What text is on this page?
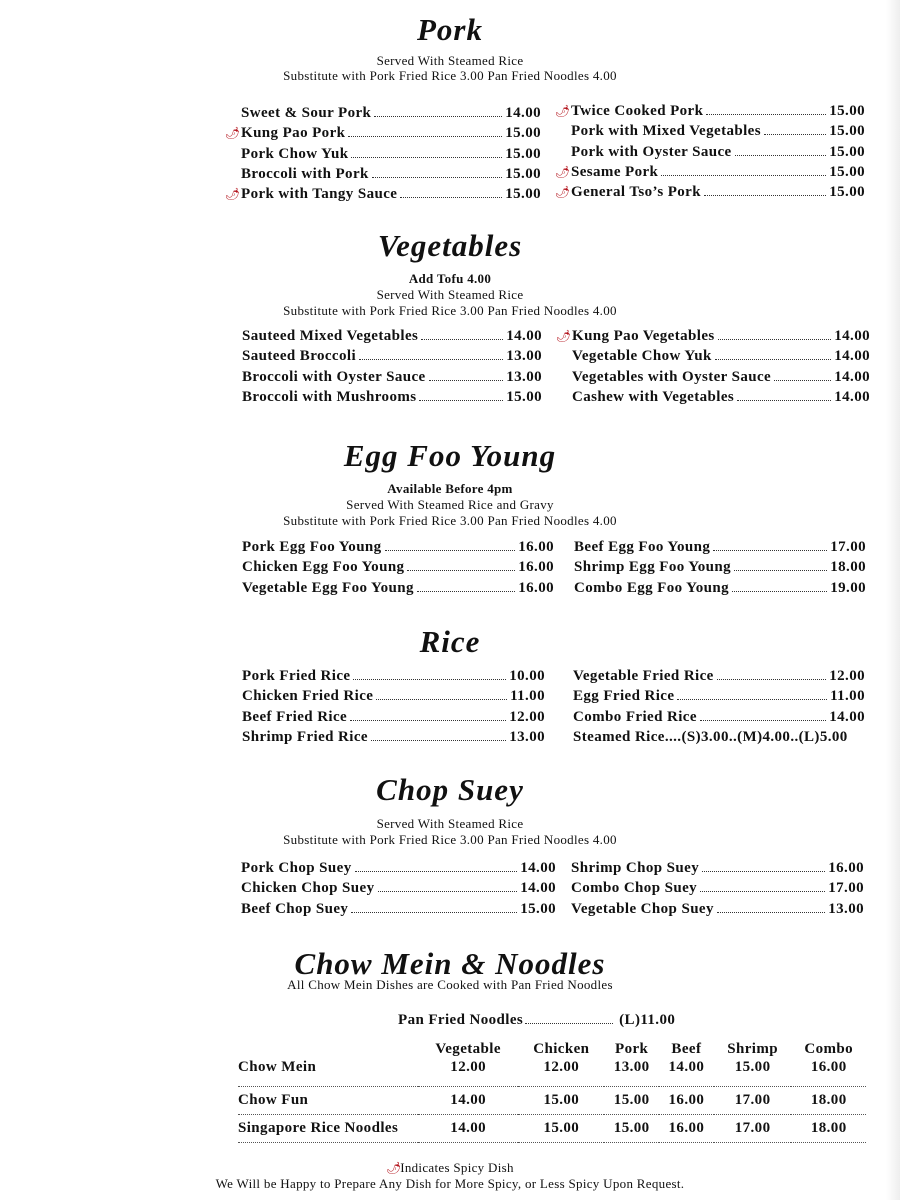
Pork
Served With Steamed Rice
Substitute with Pork Fried Rice 3.00 Pan Fried Noodles 4.00
Sweet & Sour Pork	14.00
🌶 Kung Pao Pork	15.00
Pork Chow Yuk	15.00
Broccoli with Pork	15.00
🌶 Pork with Tangy Sauce	15.00
🌶 Twice Cooked Pork	15.00
Pork with Mixed Vegetables	15.00
Pork with Oyster Sauce	15.00
🌶 Sesame Pork	15.00
🌶 General Tso’s Pork	15.00
Vegetables
Add Tofu 4.00
Served With Steamed Rice
Substitute with Pork Fried Rice 3.00 Pan Fried Noodles 4.00
Sauteed Mixed Vegetables	14.00
Sauteed Broccoli	13.00
Broccoli with Oyster Sauce	13.00
Broccoli with Mushrooms	15.00
🌶 Kung Pao Vegetables	14.00
Vegetable Chow Yuk	14.00
Vegetables with Oyster Sauce	14.00
Cashew with Vegetables	14.00
Egg Foo Young
Available Before 4pm
Served With Steamed Rice and Gravy
Substitute with Pork Fried Rice 3.00 Pan Fried Noodles 4.00
Pork Egg Foo Young	16.00
Chicken Egg Foo Young	16.00
Vegetable Egg Foo Young	16.00
Beef Egg Foo Young	17.00
Shrimp Egg Foo Young	18.00
Combo Egg Foo Young	19.00
Rice
Pork Fried Rice	10.00
Chicken Fried Rice	11.00
Beef Fried Rice	12.00
Shrimp Fried Rice	13.00
Vegetable Fried Rice	12.00
Egg Fried Rice	11.00
Combo Fried Rice	14.00
Steamed Rice....(S)3.00..(M)4.00..(L)5.00
Chop Suey
Served With Steamed Rice
Substitute with Pork Fried Rice 3.00 Pan Fried Noodles 4.00
Pork Chop Suey	14.00
Chicken Chop Suey	14.00
Beef Chop Suey	15.00
Shrimp Chop Suey	16.00
Combo Chop Suey	17.00
Vegetable Chop Suey	13.00
Chow Mein & Noodles
All Chow Mein Dishes are Cooked with Pan Fried Noodles
Pan Fried Noodles	(L)11.00
	Vegetable	Chicken	Pork	Beef	Shrimp	Combo
Chow Mein	12.00	12.00	13.00	14.00	15.00	16.00
Chow Fun	14.00	15.00	15.00	16.00	17.00	18.00
Singapore Rice Noodles	14.00	15.00	15.00	16.00	17.00	18.00
🌶Indicates Spicy Dish
We Will be Happy to Prepare Any Dish for More Spicy, or Less Spicy Upon Request.
